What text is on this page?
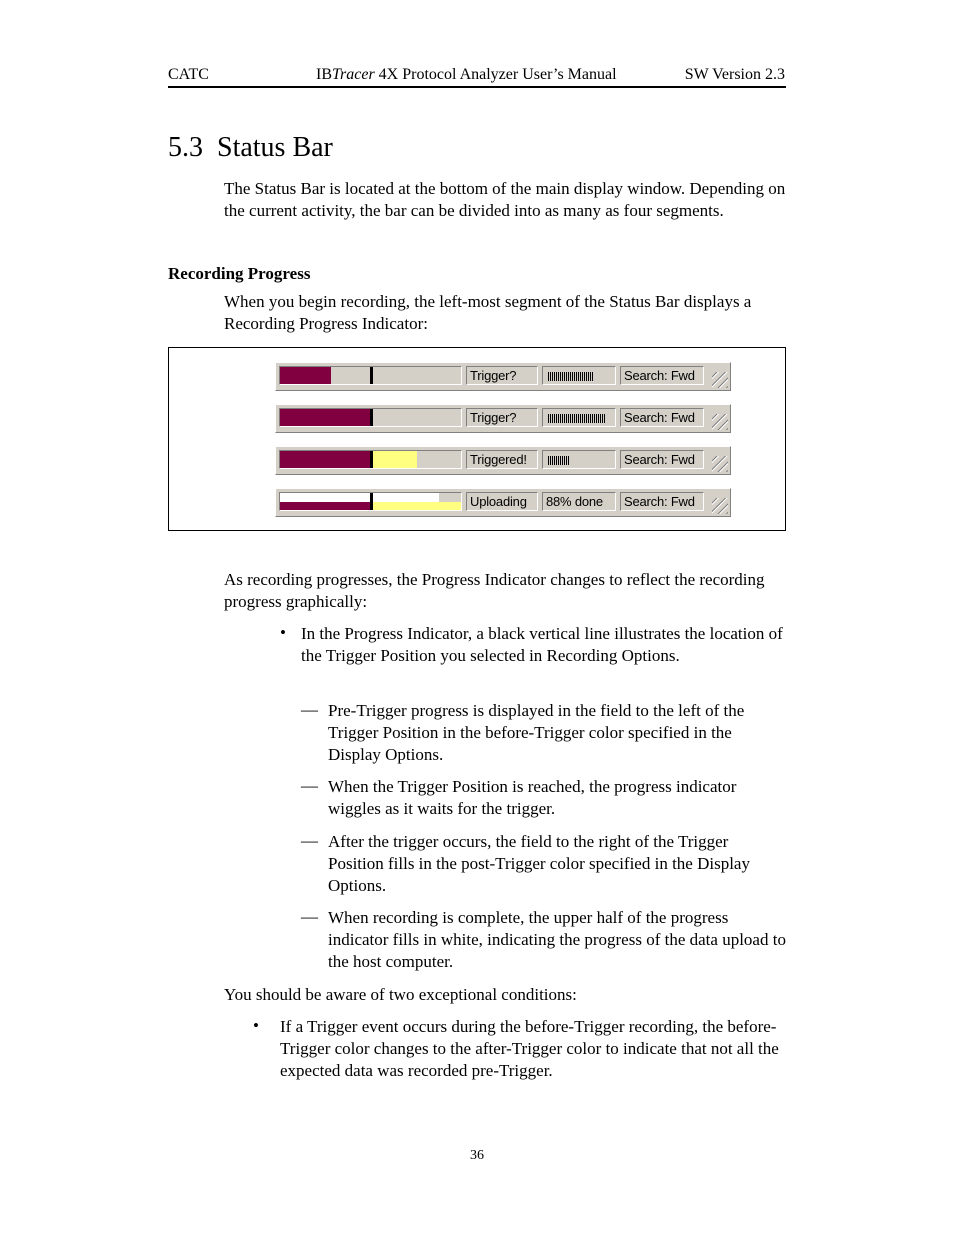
CATC	IBTracer 4X Protocol Analyzer User’s Manual	SW Version 2.3
5.3 Status Bar

The Status Bar is located at the bottom of the main display window. Depending on the current activity, the bar can be divided into as many as four segments.

Recording Progress

When you begin recording, the left-most segment of the Status Bar displays a Recording Progress Indicator:

Trigger?	Search: Fwd
Trigger?	Search: Fwd
Triggered!	Search: Fwd
Uploading 88% done Search: Fwd

As recording progresses, the Progress Indicator changes to reflect the recording progress graphically:

• In the Progress Indicator, a black vertical line illustrates the location of the Trigger Position you selected in Recording Options.

— Pre-Trigger progress is displayed in the field to the left of the Trigger Position in the before-Trigger color specified in the Display Options.

— When the Trigger Position is reached, the progress indicator wiggles as it waits for the trigger.

— After the trigger occurs, the field to the right of the Trigger Position fills in the post-Trigger color specified in the Display Options.

— When recording is complete, the upper half of the progress indicator fills in white, indicating the progress of the data upload to the host computer.

You should be aware of two exceptional conditions:

• If a Trigger event occurs during the before-Trigger recording, the before-Trigger color changes to the after-Trigger color to indicate that not all the expected data was recorded pre-Trigger.

36
